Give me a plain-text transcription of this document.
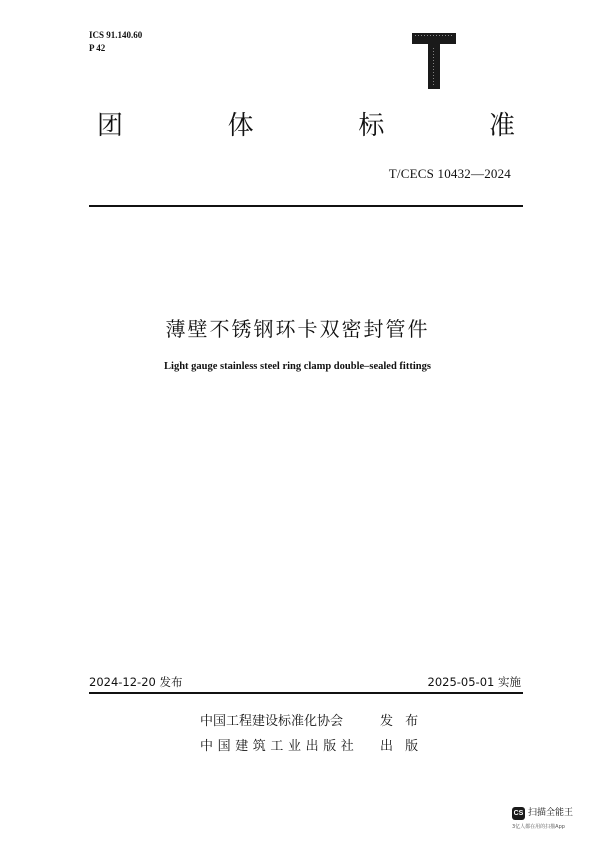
ICS 91.140.60
P 42
团	体	标	准
T/CECS 10432—2024
薄壁不锈钢环卡双密封管件
Light gauge stainless steel ring clamp double–sealed fittings
2024-12-20 发布	2025-05-01 实施
中国工程建设标准化协会	发 布
中国建筑工业出版社 出 版
CS 扫描全能王
3亿人都在用的扫描App
